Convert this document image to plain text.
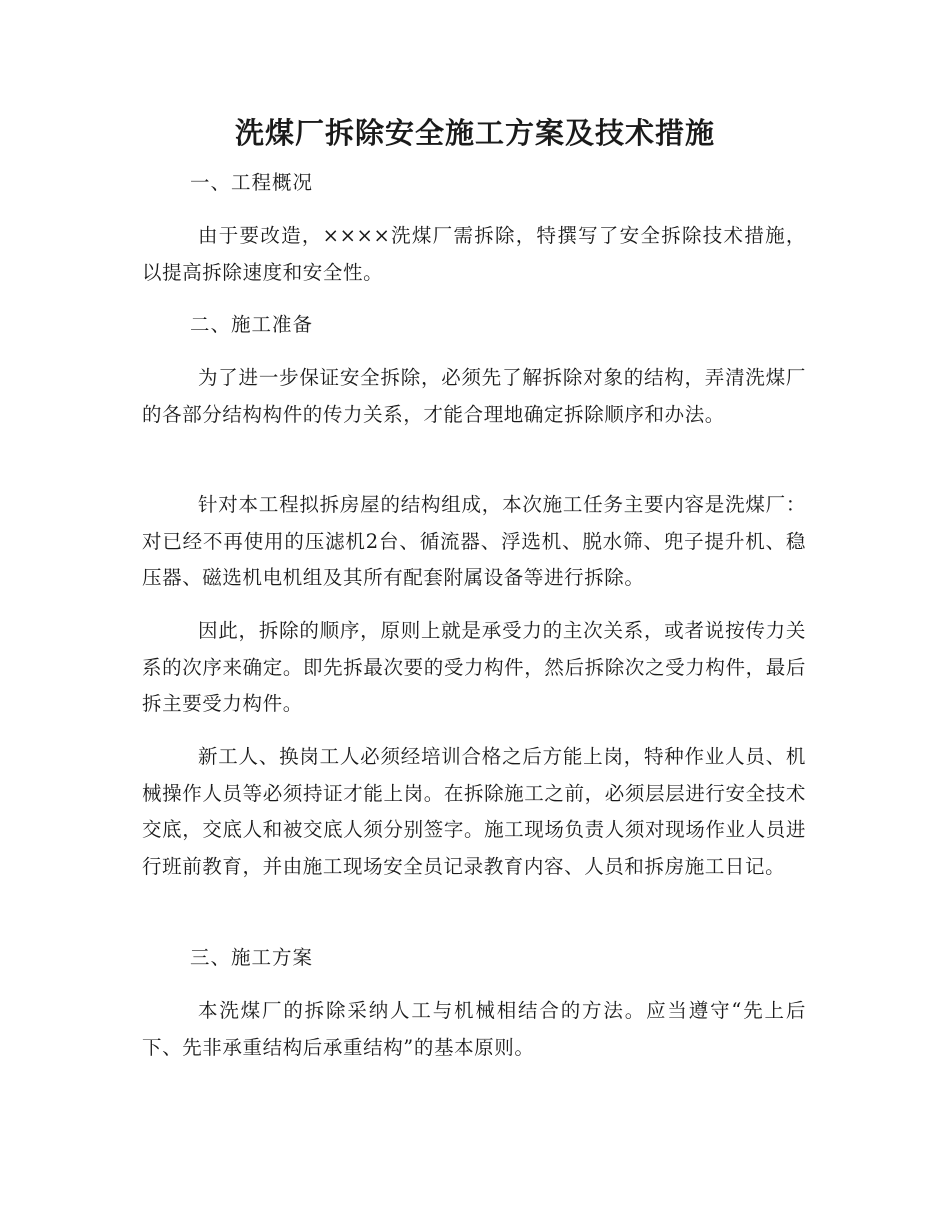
洗煤厂拆除安全施工方案及技术措施
一、工程概况

由于要改造，××××洗煤厂需拆除，特撰写了安全拆除技术措施，以提高拆除速度和安全性。

二、施工准备

为了进一步保证安全拆除，必须先了解拆除对象的结构，弄清洗煤厂的各部分结构构件的传力关系，才能合理地确定拆除顺序和办法。

针对本工程拟拆房屋的结构组成，本次施工任务主要内容是洗煤厂：对已经不再使用的压滤机2台、循流器、浮选机、脱水筛、兜子提升机、稳压器、磁选机电机组及其所有配套附属设备等进行拆除。

因此，拆除的顺序，原则上就是承受力的主次关系，或者说按传力关系的次序来确定。即先拆最次要的受力构件，然后拆除次之受力构件，最后拆主要受力构件。

新工人、换岗工人必须经培训合格之后方能上岗，特种作业人员、机械操作人员等必须持证才能上岗。在拆除施工之前，必须层层进行安全技术交底，交底人和被交底人须分别签字。施工现场负责人须对现场作业人员进行班前教育，并由施工现场安全员记录教育内容、人员和拆房施工日记。

三、施工方案

本洗煤厂的拆除采纳人工与机械相结合的方法。应当遵守“先上后下、先非承重结构后承重结构”的基本原则。
